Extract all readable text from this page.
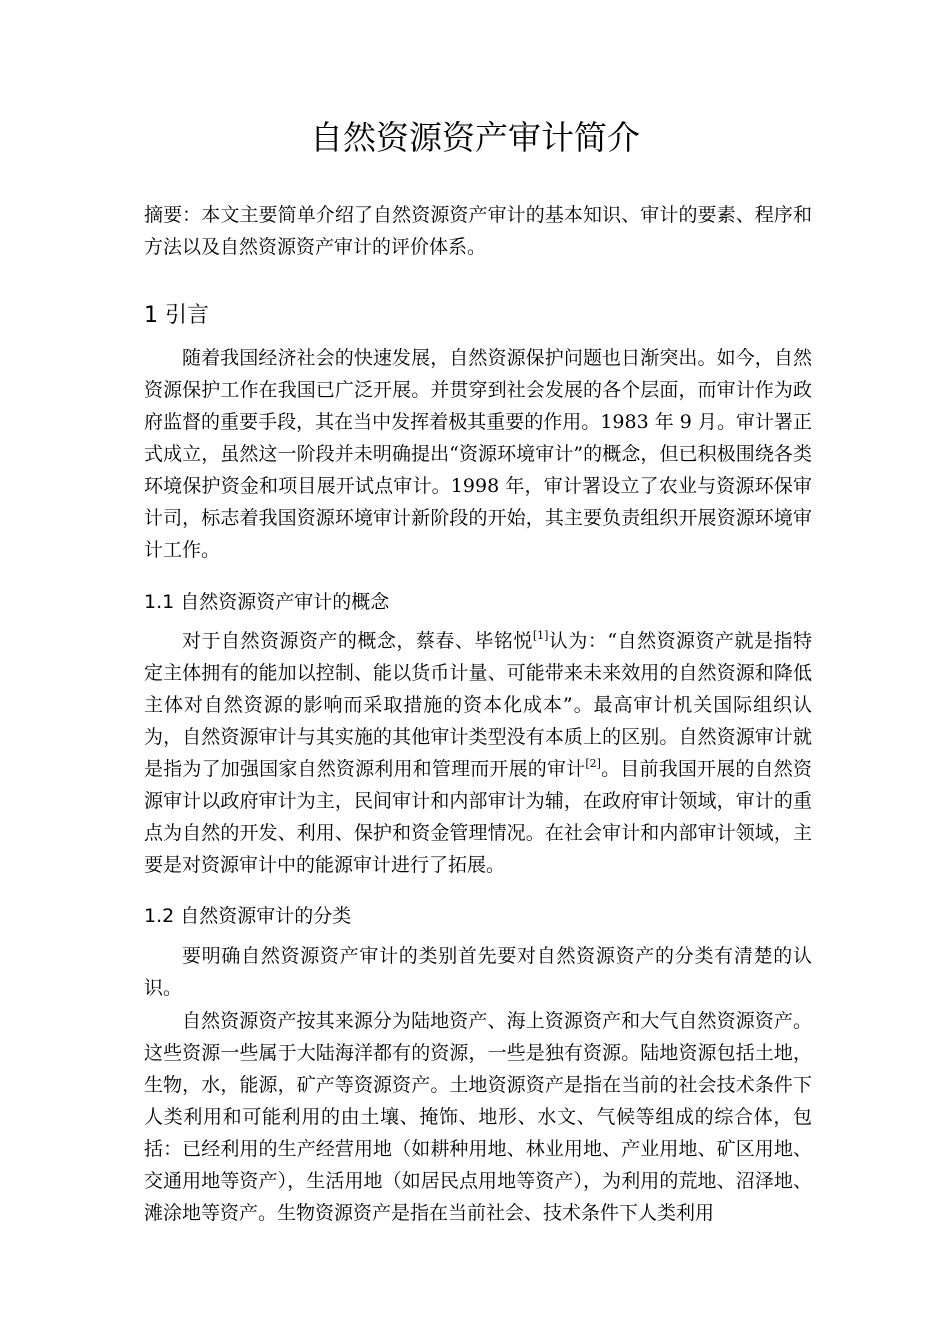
自然资源资产审计简介

摘要：本文主要简单介绍了自然资源资产审计的基本知识、审计的要素、程序和方法以及自然资源资产审计的评价体系。

1 引言

随着我国经济社会的快速发展，自然资源保护问题也日渐突出。如今，自然资源保护工作在我国已广泛开展。并贯穿到社会发展的各个层面，而审计作为政府监督的重要手段，其在当中发挥着极其重要的作用。1983 年 9 月。审计署正式成立，虽然这一阶段并未明确提出“资源环境审计”的概念，但已积极围绕各类环境保护资金和项目展开试点审计。1998 年，审计署设立了农业与资源环保审计司，标志着我国资源环境审计新阶段的开始，其主要负责组织开展资源环境审计工作。

1.1 自然资源资产审计的概念

对于自然资源资产的概念，蔡春、毕铭悦[1]认为：“自然资源资产就是指特定主体拥有的能加以控制、能以货币计量、可能带来未来效用的自然资源和降低主体对自然资源的影响而采取措施的资本化成本”。最高审计机关国际组织认为，自然资源审计与其实施的其他审计类型没有本质上的区别。自然资源审计就是指为了加强国家自然资源利用和管理而开展的审计[2]。目前我国开展的自然资源审计以政府审计为主，民间审计和内部审计为辅，在政府审计领域，审计的重点为自然的开发、利用、保护和资金管理情况。在社会审计和内部审计领域，主要是对资源审计中的能源审计进行了拓展。

1.2 自然资源审计的分类

要明确自然资源资产审计的类别首先要对自然资源资产的分类有清楚的认识。

自然资源资产按其来源分为陆地资产、海上资源资产和大气自然资源资产。这些资源一些属于大陆海洋都有的资源，一些是独有资源。陆地资源包括土地，生物，水，能源，矿产等资源资产。土地资源资产是指在当前的社会技术条件下人类利用和可能利用的由土壤、掩饰、地形、水文、气候等组成的综合体，包括：已经利用的生产经营用地（如耕种用地、林业用地、产业用地、矿区用地、交通用地等资产），生活用地（如居民点用地等资产），为利用的荒地、沼泽地、滩涂地等资产。生物资源资产是指在当前社会、技术条件下人类利用
